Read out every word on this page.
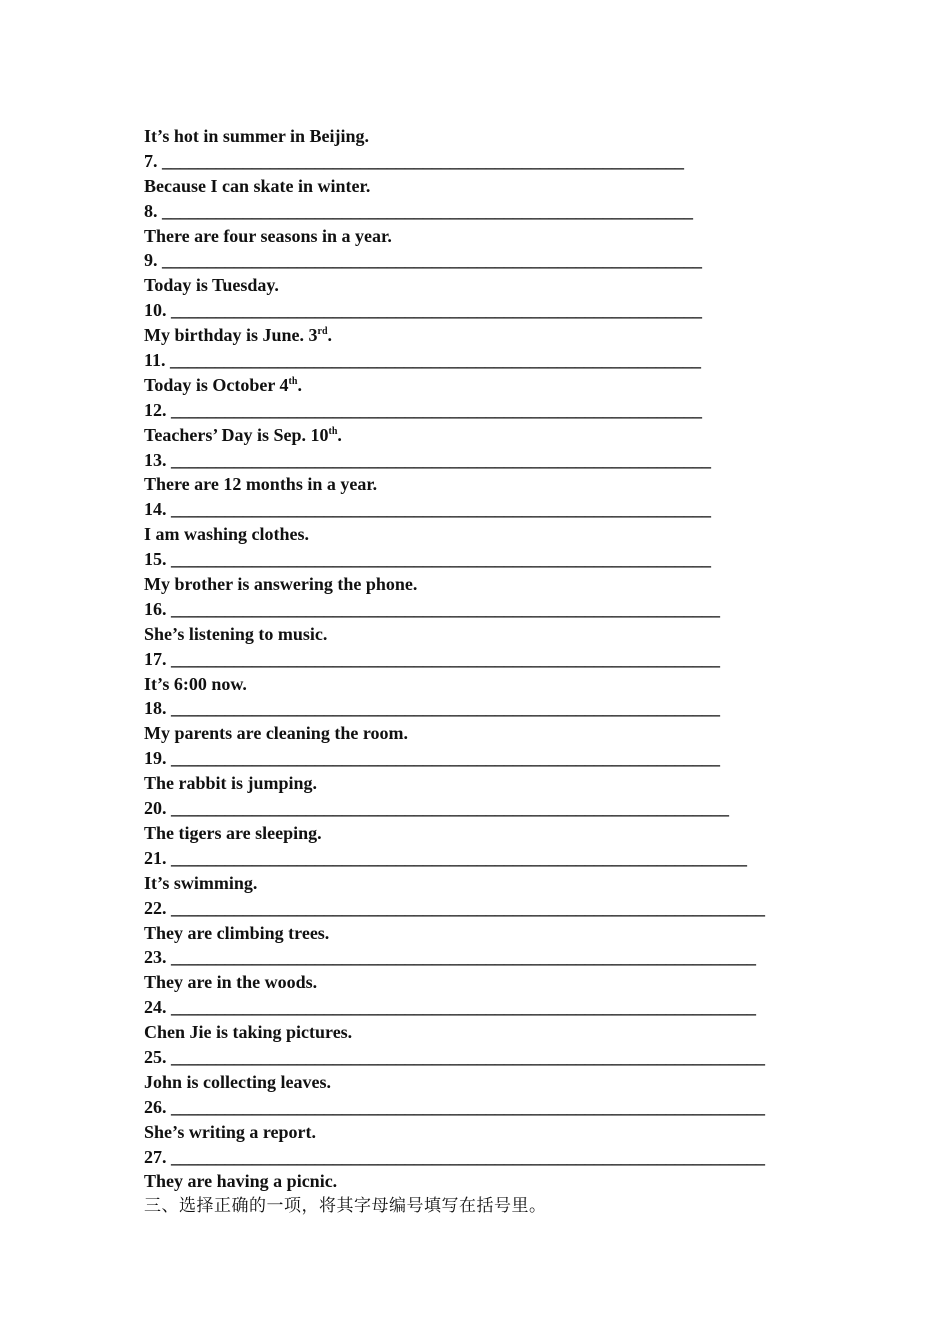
It’s hot in summer in Beijing.
7. __________________________________________________________
Because I can skate in winter.
8. ___________________________________________________________
There are four seasons in a year.
9. ____________________________________________________________
Today is Tuesday.
10. ___________________________________________________________
My birthday is June. 3rd.
11. ___________________________________________________________
Today is October 4th.
12. ___________________________________________________________
Teachers’ Day is Sep. 10th.
13. ____________________________________________________________
There are 12 months in a year.
14. ____________________________________________________________
I am washing clothes.
15. ____________________________________________________________
My brother is answering the phone.
16. _____________________________________________________________
She’s listening to music.
17. _____________________________________________________________
It’s 6:00 now.
18. _____________________________________________________________
My parents are cleaning the room.
19. _____________________________________________________________
The rabbit is jumping.
20. ______________________________________________________________
The tigers are sleeping.
21. ________________________________________________________________
It’s swimming.
22. __________________________________________________________________
They are climbing trees.
23. _________________________________________________________________
They are in the woods.
24. _________________________________________________________________
Chen Jie is taking pictures.
25. __________________________________________________________________
John is collecting leaves.
26. __________________________________________________________________
She’s writing a report.
27. __________________________________________________________________
They are having a picnic.
三、选择正确的一项，将其字母编号填写在括号里。
